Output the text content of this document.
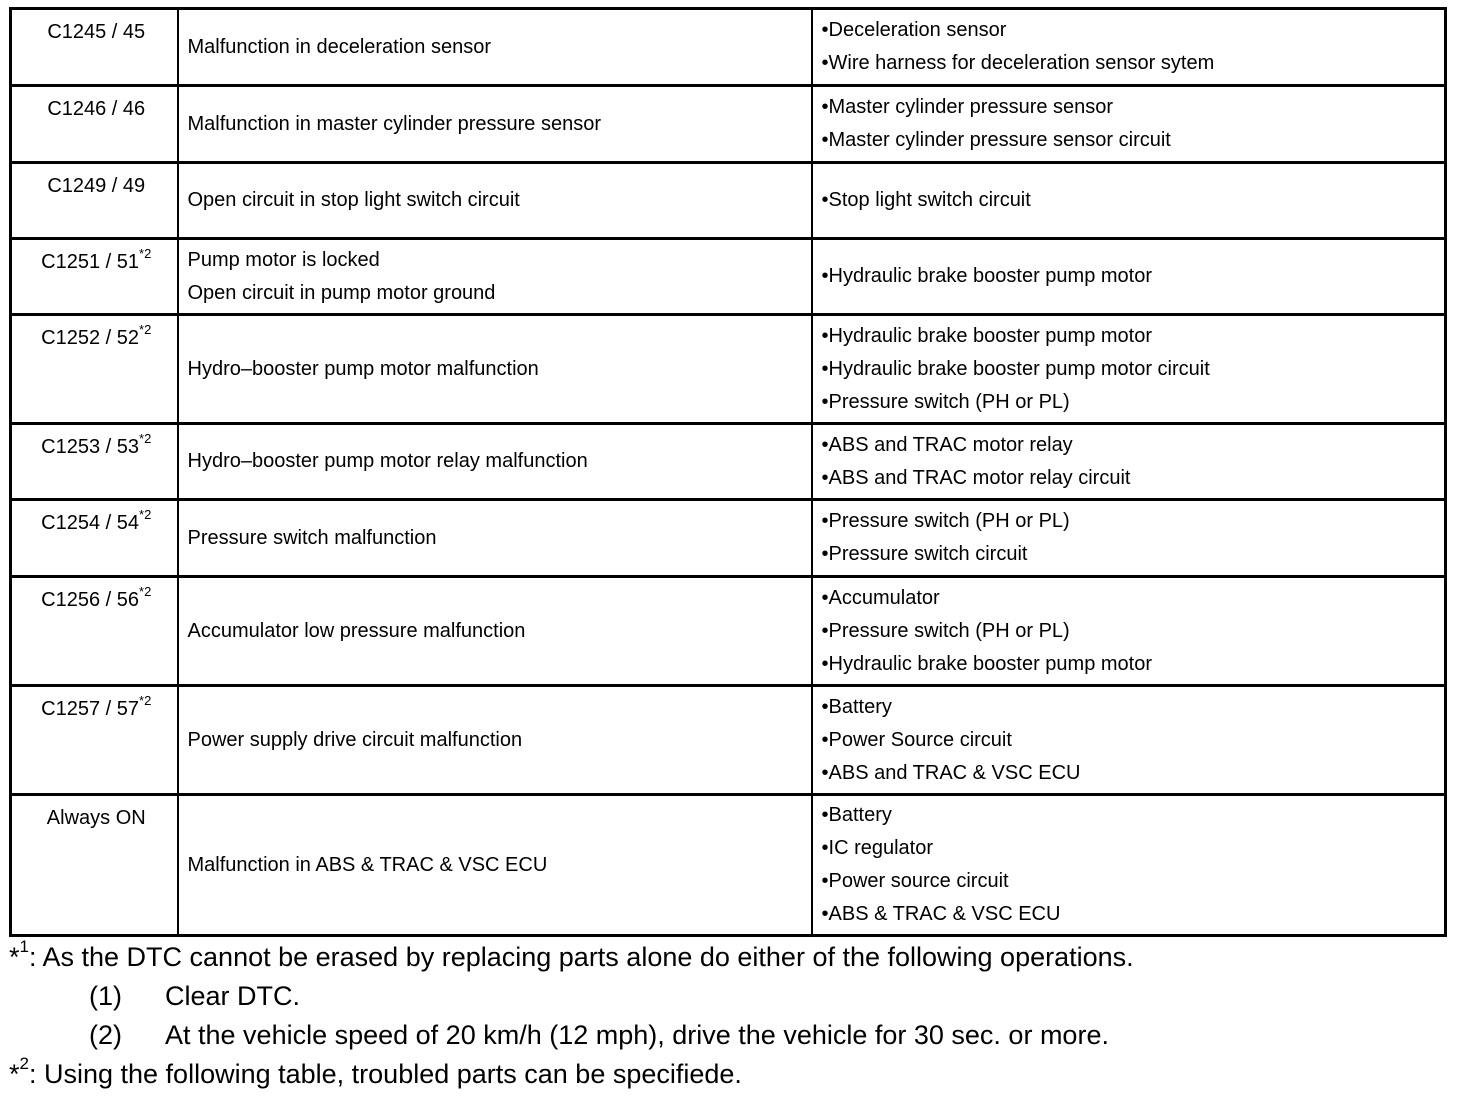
C1245 / 45	Malfunction in deceleration sensor	•Deceleration sensor
•Wire harness for deceleration sensor sytem

C1246 / 46	Malfunction in master cylinder pressure sensor	•Master cylinder pressure sensor
•Master cylinder pressure sensor circuit

C1249 / 49	Open circuit in stop light switch circuit	•Stop light switch circuit

C1251 / 51$^{*2}$	Pump motor is locked
Open circuit in pump motor ground	•Hydraulic brake booster pump motor

C1252 / 52$^{*2}$	Hydro–booster pump motor malfunction	•Hydraulic brake booster pump motor
•Hydraulic brake booster pump motor circuit
•Pressure switch (PH or PL)

C1253 / 53$^{*2}$	Hydro–booster pump motor relay malfunction	•ABS and TRAC motor relay
•ABS and TRAC motor relay circuit

C1254 / 54$^{*2}$	Pressure switch malfunction	•Pressure switch (PH or PL)
•Pressure switch circuit

C1256 / 56$^{*2}$	Accumulator low pressure malfunction	•Accumulator
•Pressure switch (PH or PL)
•Hydraulic brake booster pump motor

C1257 / 57$^{*2}$	Power supply drive circuit malfunction	•Battery
•Power Source circuit
•ABS and TRAC & VSC ECU

Always ON	Malfunction in ABS & TRAC & VSC ECU	•Battery
•IC regulator
•Power source circuit
•ABS & TRAC & VSC ECU
*$^1$: As the DTC cannot be erased by replacing parts alone do either of the following operations.
(1) Clear DTC.
(2) At the vehicle speed of 20 km/h (12 mph), drive the vehicle for 30 sec. or more.
*$^2$: Using the following table, troubled parts can be specifiede.
